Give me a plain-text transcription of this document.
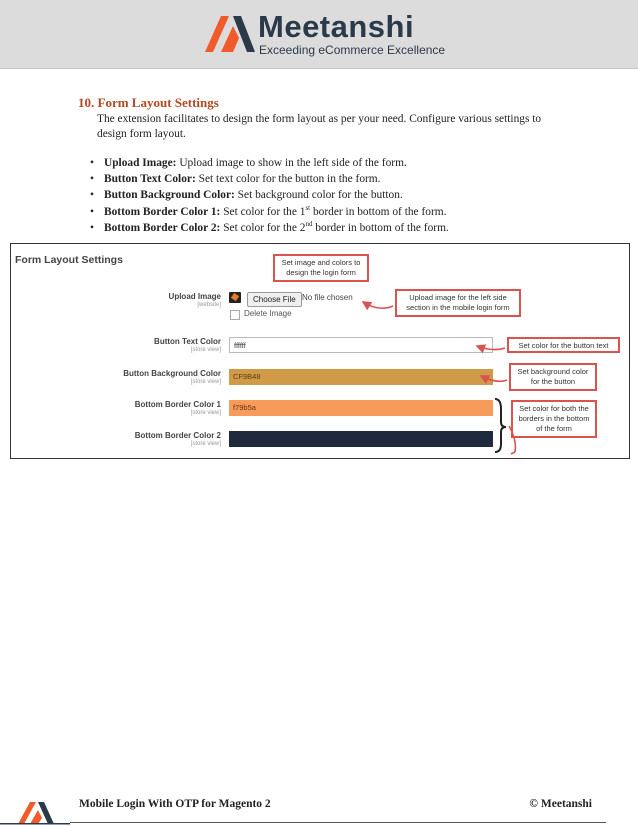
Meetanshi
Exceeding eCommerce Excellence
10. Form Layout Settings
The extension facilitates to design the form layout as per your need. Configure various settings to design form layout.
• Upload Image: Upload image to show in the left side of the form.
• Button Text Color: Set text color for the button in the form.
• Button Background Color: Set background color for the button.
• Bottom Border Color 1: Set color for the 1st border in bottom of the form.
• Bottom Border Color 2: Set color for the 2nd border in bottom of the form.
Form Layout Settings
Upload Image
[website]
Choose File No file chosen
Delete Image
Button Text Color
[store view]	ffffff
Button Background Color
[store view]
CF9B48
Bottom Border Color 1
[store view]
f79b5a
Bottom Border Color 2
[store view]
Set image and colors to design the login form
Upload image for the left side section in the mobile login form
Set color for the button text
Set background color for the button
Set color for both the borders in the bottom of the form
Mobile Login With OTP for Magento 2	© Meetanshi
